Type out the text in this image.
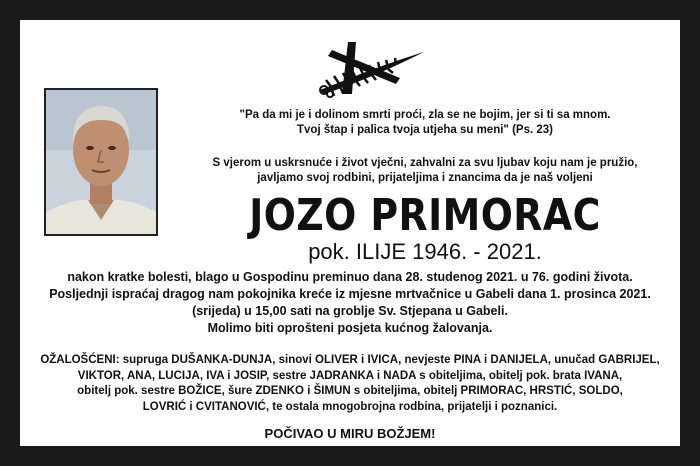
"Pa da mi je i dolinom smrti proći, zla se ne bojim, jer si ti sa mnom.
Tvoj štap i palica tvoja utjeha su meni" (Ps. 23)
S vjerom u uskrsnuće i život vječni, zahvalni za svu ljubav koju nam je pružio,
javljamo svoj rodbini, prijateljima i znancima da je naš voljeni
JOZO PRIMORAC
pok. ILIJE 1946. - 2021.
nakon kratke bolesti, blago u Gospodinu preminuo dana 28. studenog 2021. u 76. godini života.
Posljednji ispraćaj dragog nam pokojnika kreće iz mjesne mrtvačnice u Gabeli dana 1. prosinca 2021.
(srijeda) u 15,00 sati na groblje Sv. Stjepana u Gabeli.
Molimo biti oprošteni posjeta kućnog žalovanja.
OŽALOŠĆENI: supruga DUŠANKA-DUNJA, sinovi OLIVER i IVICA, nevjeste PINA i DANIJELA, unučad GABRIJEL,
VIKTOR, ANA, LUCIJA, IVA i JOSIP, sestre JADRANKA i NADA s obiteljima, obitelj pok. brata IVANA,
obitelj pok. sestre BOŽICE, šure ZDENKO i ŠIMUN s obiteljima, obitelj PRIMORAC, HRSTIĆ, SOLDO,
LOVRIĆ i CVITANOVIĆ, te ostala mnogobrojna rodbina, prijatelji i poznanici.
POČIVAO U MIRU BOŽJEM!
